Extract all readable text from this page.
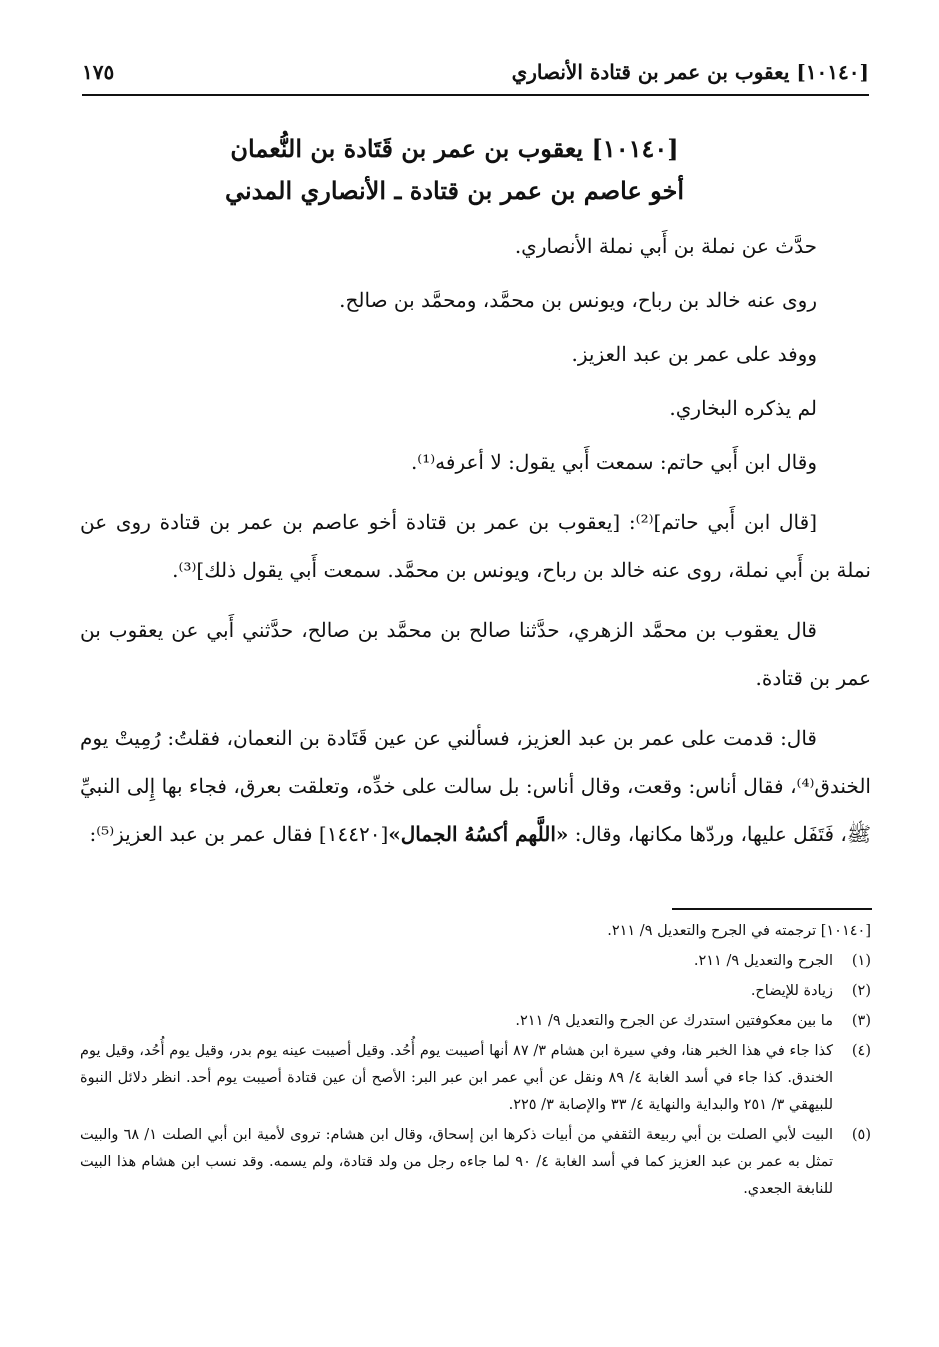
[١٠١٤٠] يعقوب بن عمر بن قتادة الأنصاري
١٧٥
[١٠١٤٠] يعقوب بن عمر بن قَتَادة بن النُّعمان
أخو عاصم بن عمر بن قتادة ـ الأنصاري المدني

حدَّث عن نملة بن أَبي نملة الأنصاري.

روى عنه خالد بن رباح، ويونس بن محمَّد، ومحمَّد بن صالح.

ووفد على عمر بن عبد العزيز.

لم يذكره البخاري.

وقال ابن أَبي حاتم: سمعت أَبي يقول: لا أعرفه⁽¹⁾.

[قال ابن أَبي حاتم]⁽²⁾: [يعقوب بن عمر بن قتادة أخو عاصم بن عمر بن قتادة روى عن نملة بن أَبي نملة، روى عنه خالد بن رباح، ويونس بن محمَّد. سمعت أَبي يقول ذلك]⁽³⁾.

قال يعقوب بن محمَّد الزهري، حدَّثنا صالح بن محمَّد بن صالح، حدَّثني أَبي عن يعقوب بن عمر بن قتادة.

قال: قدمت على عمر بن عبد العزيز، فسألني عن عين قَتَادة بن النعمان، فقلتُ: رُمِيتْ يوم الخندق⁽⁴⁾، فقال أناس: وقعت، وقال أناس: بل سالت على خدِّه، وتعلقت بعرق، فجاء بها إِلى النبيِّ ﷺ، فَتَفَل عليها، وردّها مكانها، وقال: «اللَّهم أكسُهُ الجمال»[١٤٤٢٠] فقال عمر بن عبد العزيز⁽⁵⁾:

[١٠١٤٠] ترجمته في الجرح والتعديل ٩/ ٢١١.

(١)
الجرح والتعديل ٩/ ٢١١.
(٢)
زيادة للإيضاح.
(٣)
ما بين معكوفتين استدرك عن الجرح والتعديل ٩/ ٢١١.
(٤)
كذا جاء في هذا الخبر هنا، وفي سيرة ابن هشام ٣/ ٨٧ أنها أصيبت يوم أُحُد. وقيل أصيبت عينه يوم بدر، وقيل يوم أُحُد، وقيل يوم الخندق. كذا جاء في أسد الغابة ٤/ ٨٩ ونقل عن أبي عمر ابن عبر البر: الأصح أن عين قتادة أصيبت يوم أحد. انظر دلائل النبوة للبيهقي ٣/ ٢٥١ والبداية والنهاية ٤/ ٣٣ والإصابة ٣/ ٢٢٥.
(٥)
البيت لأبي الصلت بن أبي ربيعة الثقفي من أبيات ذكرها ابن إسحاق، وقال ابن هشام: تروى لأمية ابن أبي الصلت ١/ ٦٨ والبيت تمثل به عمر بن عبد العزيز كما في أسد الغابة ٤/ ٩٠ لما جاءه رجل من ولد قتادة، ولم يسمه. وقد نسب ابن هشام هذا البيت للنابغة الجعدي.
